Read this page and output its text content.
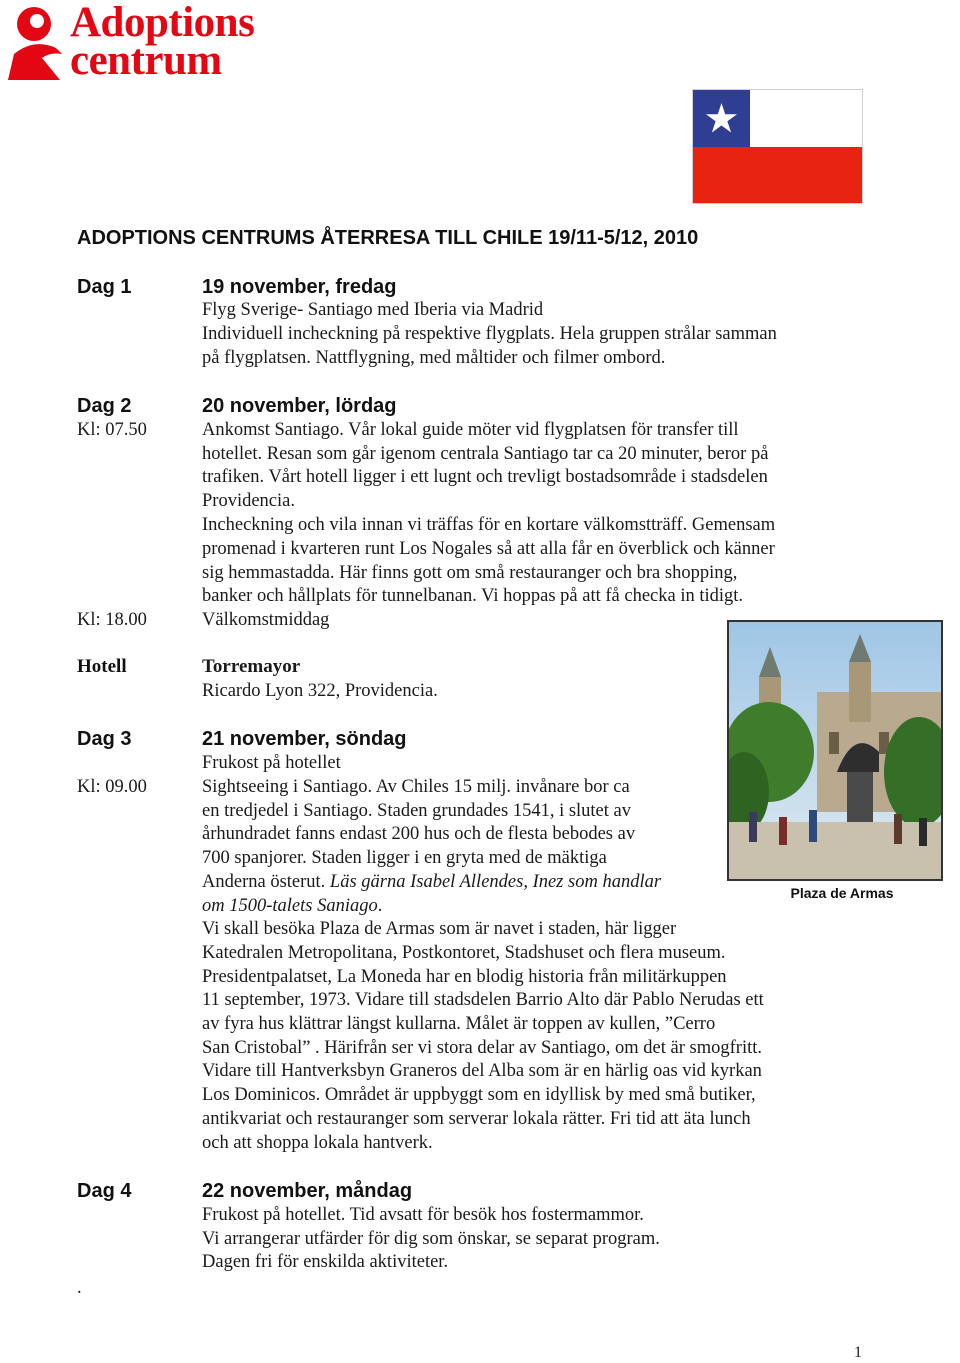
Adoptions
centrum
ADOPTIONS CENTRUMS ÅTERRESA TILL CHILE 19/11-5/12, 2010
Dag 1	19 november, fredag
Flyg Sverige- Santiago med Iberia via Madrid
Individuell incheckning på respektive flygplats. Hela gruppen strålar samman
på flygplatsen. Nattflygning, med måltider och filmer ombord.
Dag 2	20 november, lördag
Kl: 07.50	Ankomst Santiago. Vår lokal guide möter vid flygplatsen för transfer till
hotellet. Resan som går igenom centrala Santiago tar ca 20 minuter, beror på
trafiken. Vårt hotell ligger i ett lugnt och trevligt bostadsområde i stadsdelen
Providencia.
Incheckning och vila innan vi träffas för en kortare välkomstträff. Gemensam
promenad i kvarteren runt Los Nogales så att alla får en överblick och känner
sig hemmastadda. Här finns gott om små restauranger och bra shopping,
banker och hållplats för tunnelbanan. Vi hoppas på att få checka in tidigt.
Kl: 18.00	Välkomstmiddag
Hotell	Torremayor
Ricardo Lyon 322, Providencia.
Plaza de Armas
Dag 3	21 november, söndag
Frukost på hotellet
Kl: 09.00	Sightseeing i Santiago. Av Chiles 15 milj. invånare bor ca
en tredjedel i Santiago. Staden grundades 1541, i slutet av
århundradet fanns endast 200 hus och de flesta bebodes av
700 spanjorer. Staden ligger i en gryta med de mäktiga
Anderna österut. Läs gärna Isabel Allendes, Inez som handlar
om 1500-talets Saniago.
Vi skall besöka Plaza de Armas som är navet i staden, här ligger
Katedralen Metropolitana, Postkontoret, Stadshuset och flera museum.
Presidentpalatset, La Moneda har en blodig historia från militärkuppen
11 september, 1973. Vidare till stadsdelen Barrio Alto där Pablo Nerudas ett
av fyra hus klättrar längst kullarna. Målet är toppen av kullen, ”Cerro
San Cristobal” . Härifrån ser vi stora delar av Santiago, om det är smogfritt.
Vidare till Hantverksbyn Graneros del Alba som är en härlig oas vid kyrkan
Los Dominicos. Området är uppbyggt som en idyllisk by med små butiker,
antikvariat och restauranger som serverar lokala rätter. Fri tid att äta lunch
och att shoppa lokala hantverk.
Dag 4	22 november, måndag
Frukost på hotellet. Tid avsatt för besök hos fostermammor.
Vi arrangerar utfärder för dig som önskar, se separat program.
Dagen fri för enskilda aktiviteter.
.
1
